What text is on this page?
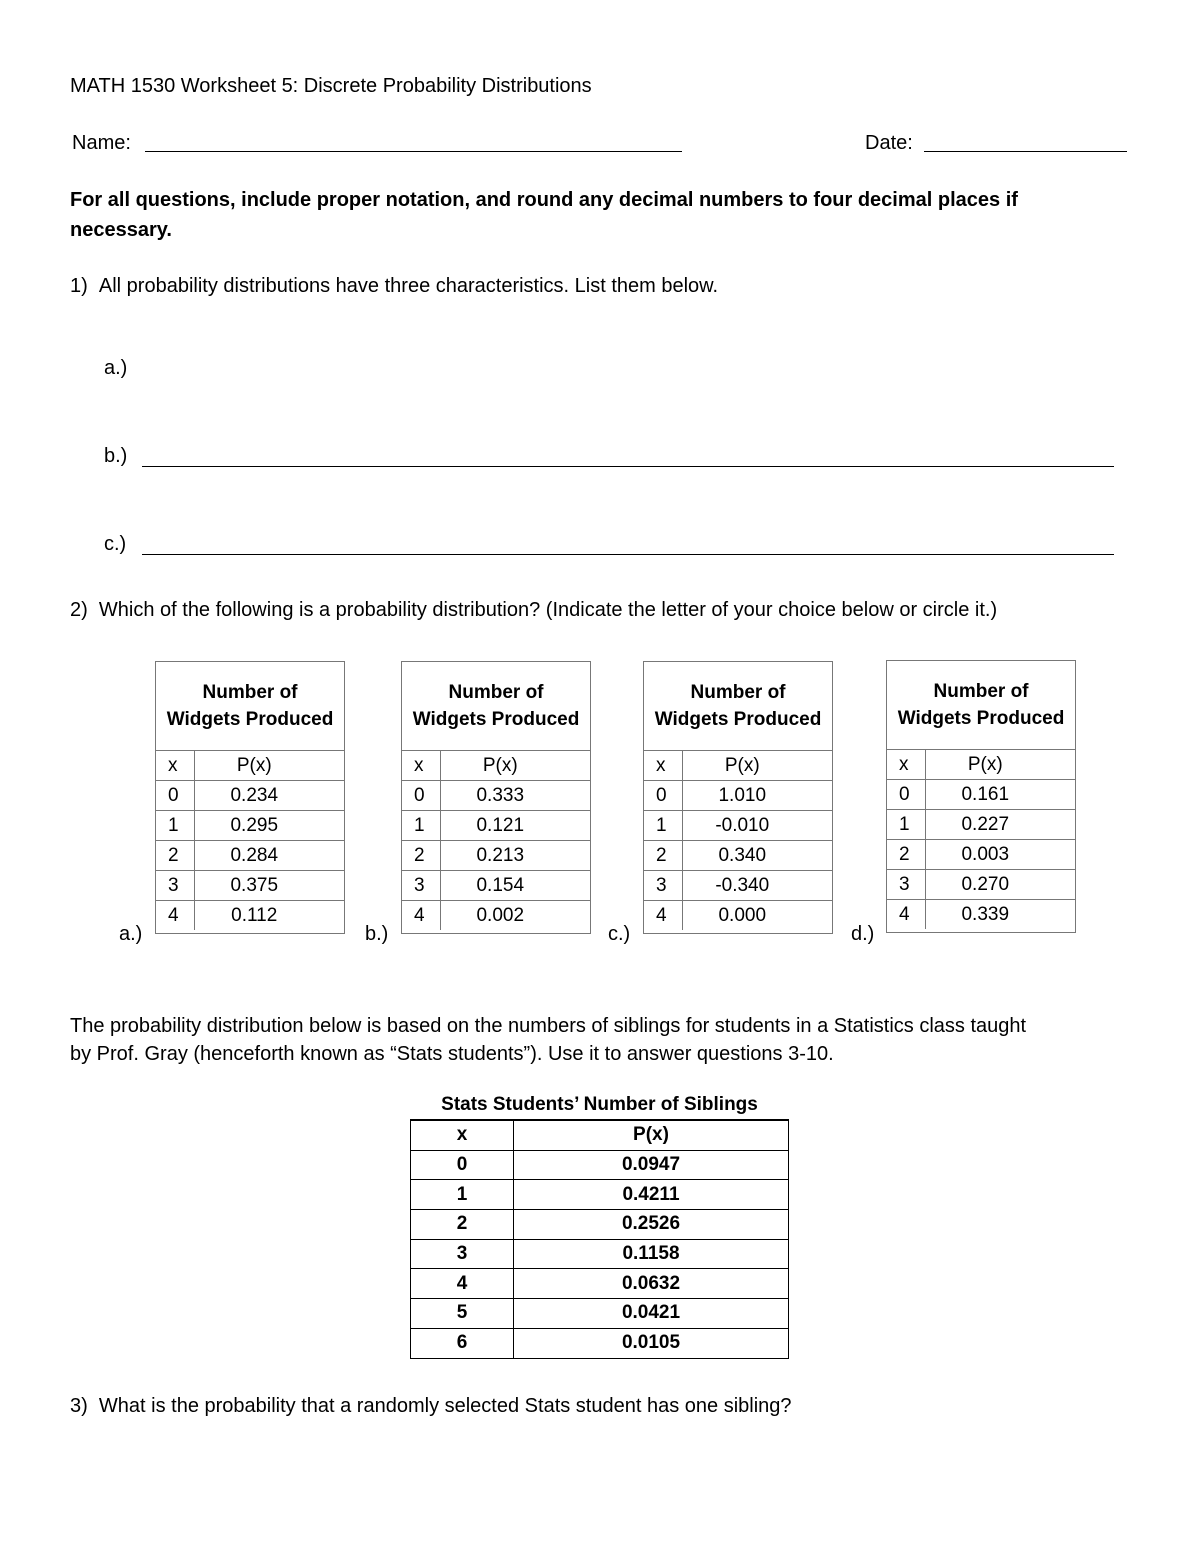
MATH 1530 Worksheet 5: Discrete Probability Distributions
Name:	Date:
For all questions, include proper notation, and round any decimal numbers to four decimal places if
necessary.
1)  All probability distributions have three characteristics. List them below.
a.)
b.)
c.)
2)  Which of the following is a probability distribution? (Indicate the letter of your choice below or circle it.)
a.)
Number of
Widgets Produced
x	P(x)
0	0.234
1	0.295
2	0.284
3	0.375
4	0.112
b.)
Number of
Widgets Produced
x	P(x)
0	0.333
1	0.121
2	0.213
3	0.154
4	0.002
c.)
Number of
Widgets Produced
x	P(x)
0	1.010
1	-0.010
2	0.340
3	-0.340
4	0.000
d.)
Number of
Widgets Produced
x	P(x)
0	0.161
1	0.227
2	0.003
3	0.270
4	0.339
The probability distribution below is based on the numbers of siblings for students in a Statistics class taught
by Prof. Gray (henceforth known as “Stats students”). Use it to answer questions 3-10.
Stats Students’ Number of Siblings
x	P(x)
0	0.0947
1	0.4211
2	0.2526
3	0.1158
4	0.0632
5	0.0421
6	0.0105
3)  What is the probability that a randomly selected Stats student has one sibling?
